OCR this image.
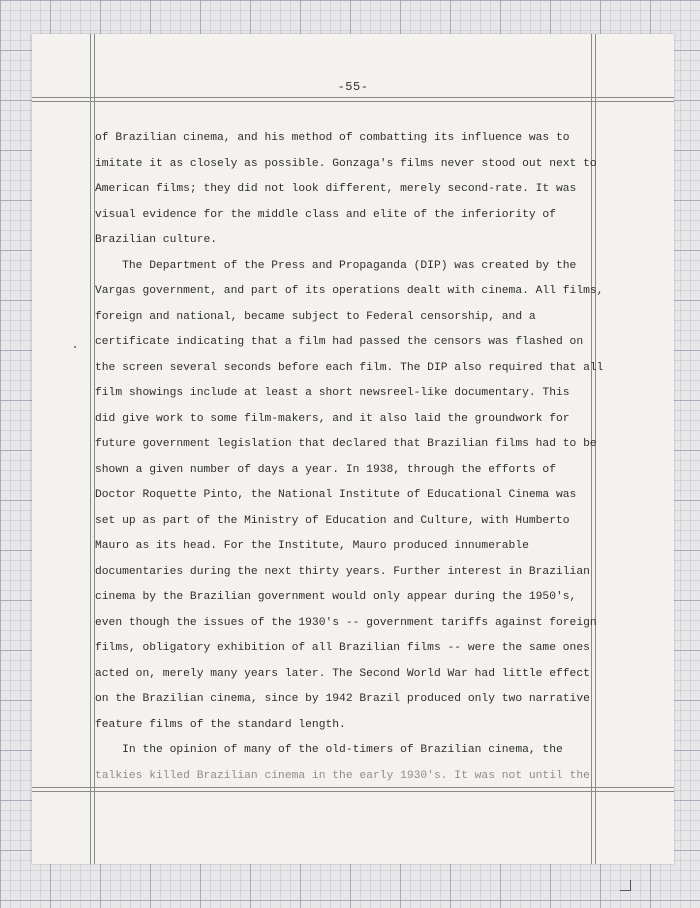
-55-
of Brazilian cinema, and his method of combatting its influence was to
imitate it as closely as possible. Gonzaga's films never stood out next to
American films; they did not look different, merely second-rate. It was
visual evidence for the middle class and elite of the inferiority of
Brazilian culture.
The Department of the Press and Propaganda (DIP) was created by the
Vargas government, and part of its operations dealt with cinema. All films,
foreign and national, became subject to Federal censorship, and a
certificate indicating that a film had passed the censors was flashed on
the screen several seconds before each film. The DIP also required that all
film showings include at least a short newsreel-like documentary. This
did give work to some film-makers, and it also laid the groundwork for
future government legislation that declared that Brazilian films had to be
shown a given number of days a year. In 1938, through the efforts of
Doctor Roquette Pinto, the National Institute of Educational Cinema was
set up as part of the Ministry of Education and Culture, with Humberto
Mauro as its head. For the Institute, Mauro produced innumerable
documentaries during the next thirty years. Further interest in Brazilian
cinema by the Brazilian government would only appear during the 1950's,
even though the issues of the 1930's -- government tariffs against foreign
films, obligatory exhibition of all Brazilian films -- were the same ones
acted on, merely many years later. The Second World War had little effect
on the Brazilian cinema, since by 1942 Brazil produced only two narrative
feature films of the standard length.
In the opinion of many of the old-timers of Brazilian cinema, the
talkies killed Brazilian cinema in the early 1930's. It was not until the
